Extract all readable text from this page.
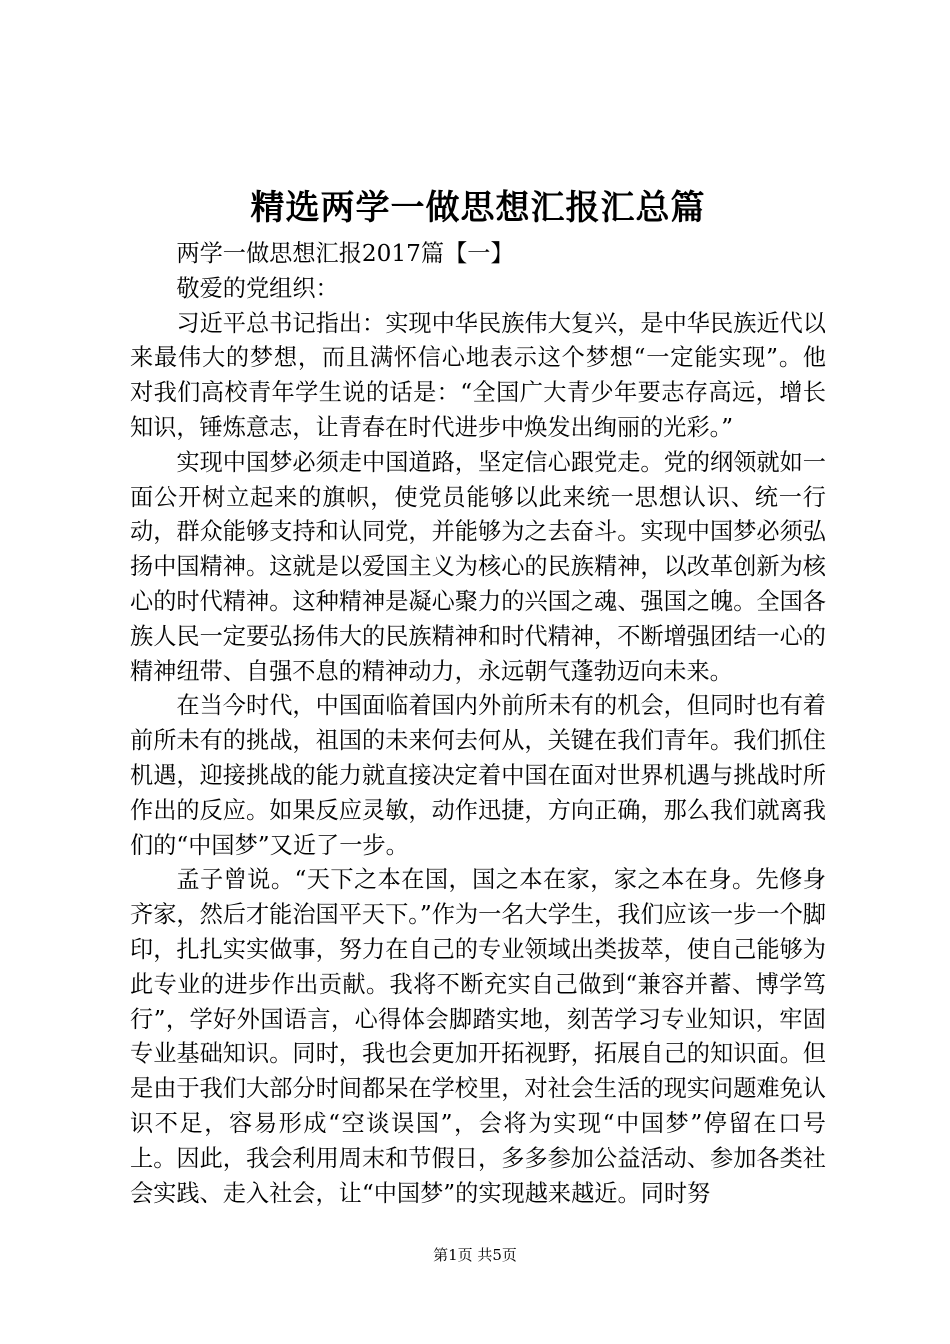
精选两学一做思想汇报汇总篇

两学一做思想汇报2017篇【一】

敬爱的党组织：

习近平总书记指出：实现中华民族伟大复兴，是中华民族近代以来最伟大的梦想，而且满怀信心地表示这个梦想“一定能实现”。他对我们高校青年学生说的话是：“全国广大青少年要志存高远，增长知识，锤炼意志，让青春在时代进步中焕发出绚丽的光彩。”

实现中国梦必须走中国道路，坚定信心跟党走。党的纲领就如一面公开树立起来的旗帜，使党员能够以此来统一思想认识、统一行动，群众能够支持和认同党，并能够为之去奋斗。实现中国梦必须弘扬中国精神。这就是以爱国主义为核心的民族精神，以改革创新为核心的时代精神。这种精神是凝心聚力的兴国之魂、强国之魄。全国各族人民一定要弘扬伟大的民族精神和时代精神，不断增强团结一心的精神纽带、自强不息的精神动力，永远朝气蓬勃迈向未来。

在当今时代，中国面临着国内外前所未有的机会，但同时也有着前所未有的挑战，祖国的未来何去何从，关键在我们青年。我们抓住机遇，迎接挑战的能力就直接决定着中国在面对世界机遇与挑战时所作出的反应。如果反应灵敏，动作迅捷，方向正确，那么我们就离我们的“中国梦”又近了一步。

孟子曾说。“天下之本在国，国之本在家，家之本在身。先修身齐家，然后才能治国平天下。”作为一名大学生，我们应该一步一个脚印，扎扎实实做事，努力在自己的专业领域出类拔萃，使自己能够为此专业的进步作出贡献。我将不断充实自己做到“兼容并蓄、博学笃行”，学好外国语言，心得体会脚踏实地，刻苦学习专业知识，牢固专业基础知识。同时，我也会更加开拓视野，拓展自己的知识面。但是由于我们大部分时间都呆在学校里，对社会生活的现实问题难免认识不足，容易形成“空谈误国”，会将为实现“中国梦”停留在口号上。因此，我会利用周末和节假日，多多参加公益活动、参加各类社会实践、走入社会，让“中国梦”的实现越来越近。同时努

第1页 共5页
